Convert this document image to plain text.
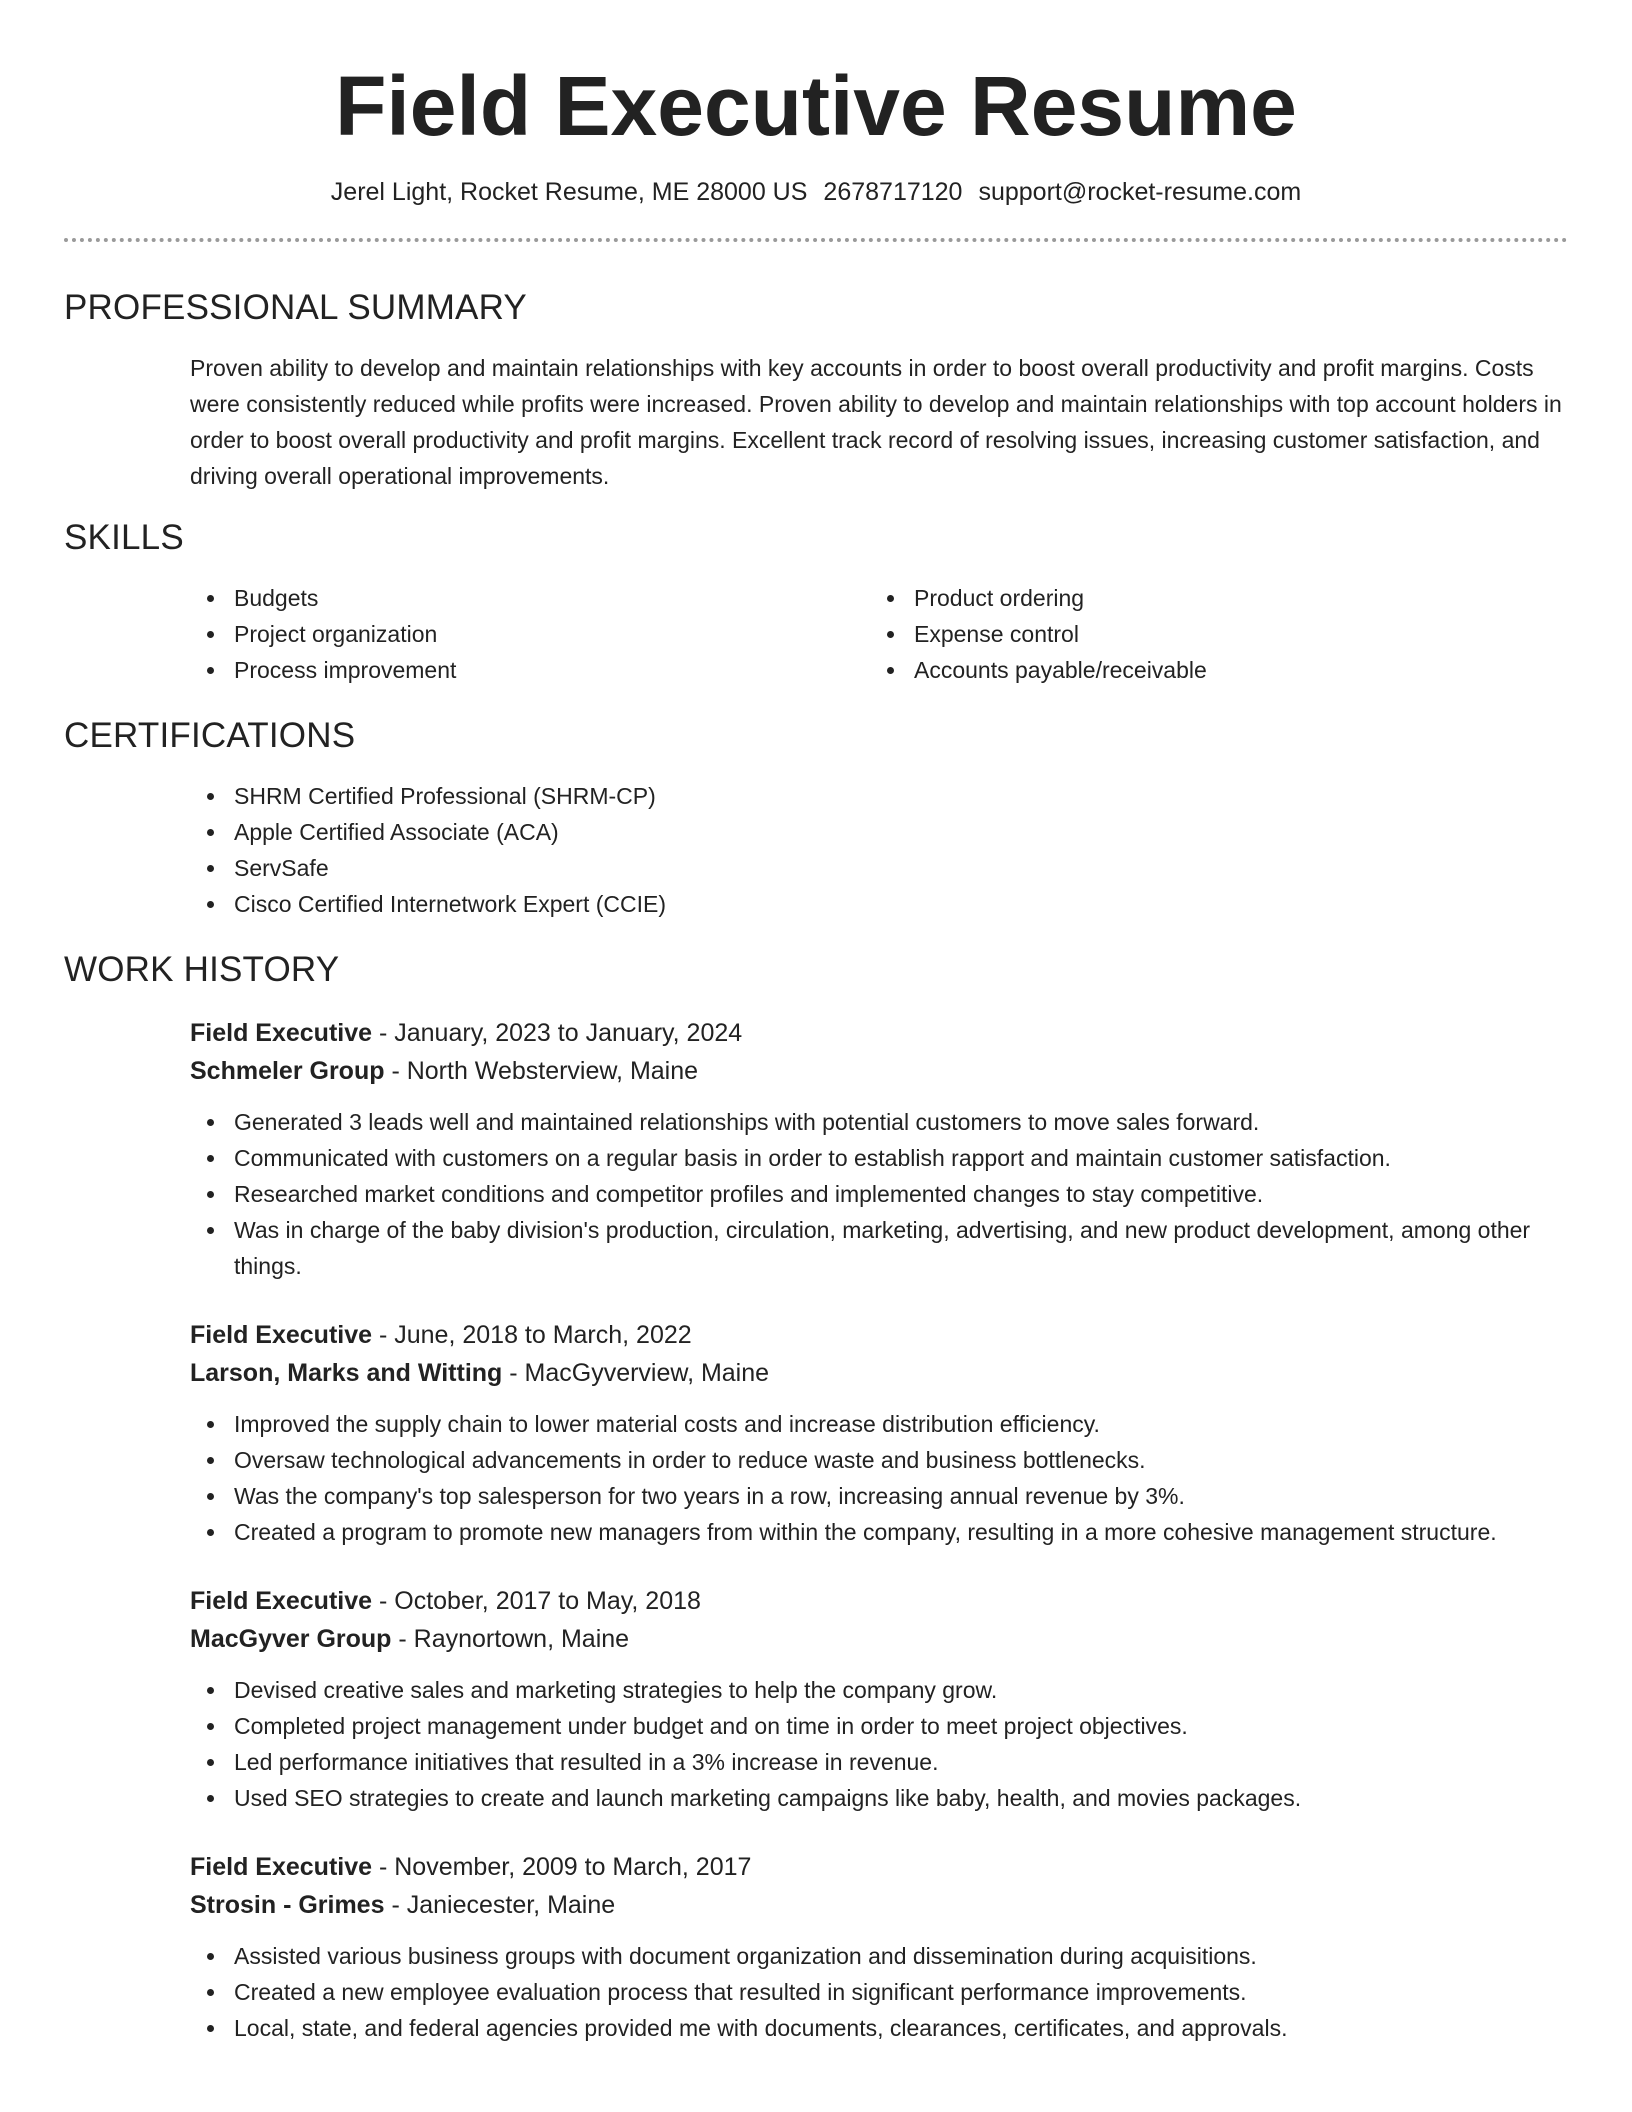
Field Executive Resume
Jerel Light, Rocket Resume, ME 28000 US 2678717120 support@rocket-resume.com
PROFESSIONAL SUMMARY
Proven ability to develop and maintain relationships with key accounts in order to boost overall productivity and profit margins. Costs were consistently reduced while profits were increased. Proven ability to develop and maintain relationships with top account holders in order to boost overall productivity and profit margins. Excellent track record of resolving issues, increasing customer satisfaction, and driving overall operational improvements.
SKILLS
Budgets
Project organization
Process improvement
Product ordering
Expense control
Accounts payable/receivable
CERTIFICATIONS
SHRM Certified Professional (SHRM-CP)
Apple Certified Associate (ACA)
ServSafe
Cisco Certified Internetwork Expert (CCIE)
WORK HISTORY
Field Executive - January, 2023 to January, 2024
Schmeler Group - North Websterview, Maine
Generated 3 leads well and maintained relationships with potential customers to move sales forward.
Communicated with customers on a regular basis in order to establish rapport and maintain customer satisfaction.
Researched market conditions and competitor profiles and implemented changes to stay competitive.
Was in charge of the baby division's production, circulation, marketing, advertising, and new product development, among other things.
Field Executive - June, 2018 to March, 2022
Larson, Marks and Witting - MacGyverview, Maine
Improved the supply chain to lower material costs and increase distribution efficiency.
Oversaw technological advancements in order to reduce waste and business bottlenecks.
Was the company's top salesperson for two years in a row, increasing annual revenue by 3%.
Created a program to promote new managers from within the company, resulting in a more cohesive management structure.
Field Executive - October, 2017 to May, 2018
MacGyver Group - Raynortown, Maine
Devised creative sales and marketing strategies to help the company grow.
Completed project management under budget and on time in order to meet project objectives.
Led performance initiatives that resulted in a 3% increase in revenue.
Used SEO strategies to create and launch marketing campaigns like baby, health, and movies packages.
Field Executive - November, 2009 to March, 2017
Strosin - Grimes - Janiecester, Maine
Assisted various business groups with document organization and dissemination during acquisitions.
Created a new employee evaluation process that resulted in significant performance improvements.
Local, state, and federal agencies provided me with documents, clearances, certificates, and approvals.
